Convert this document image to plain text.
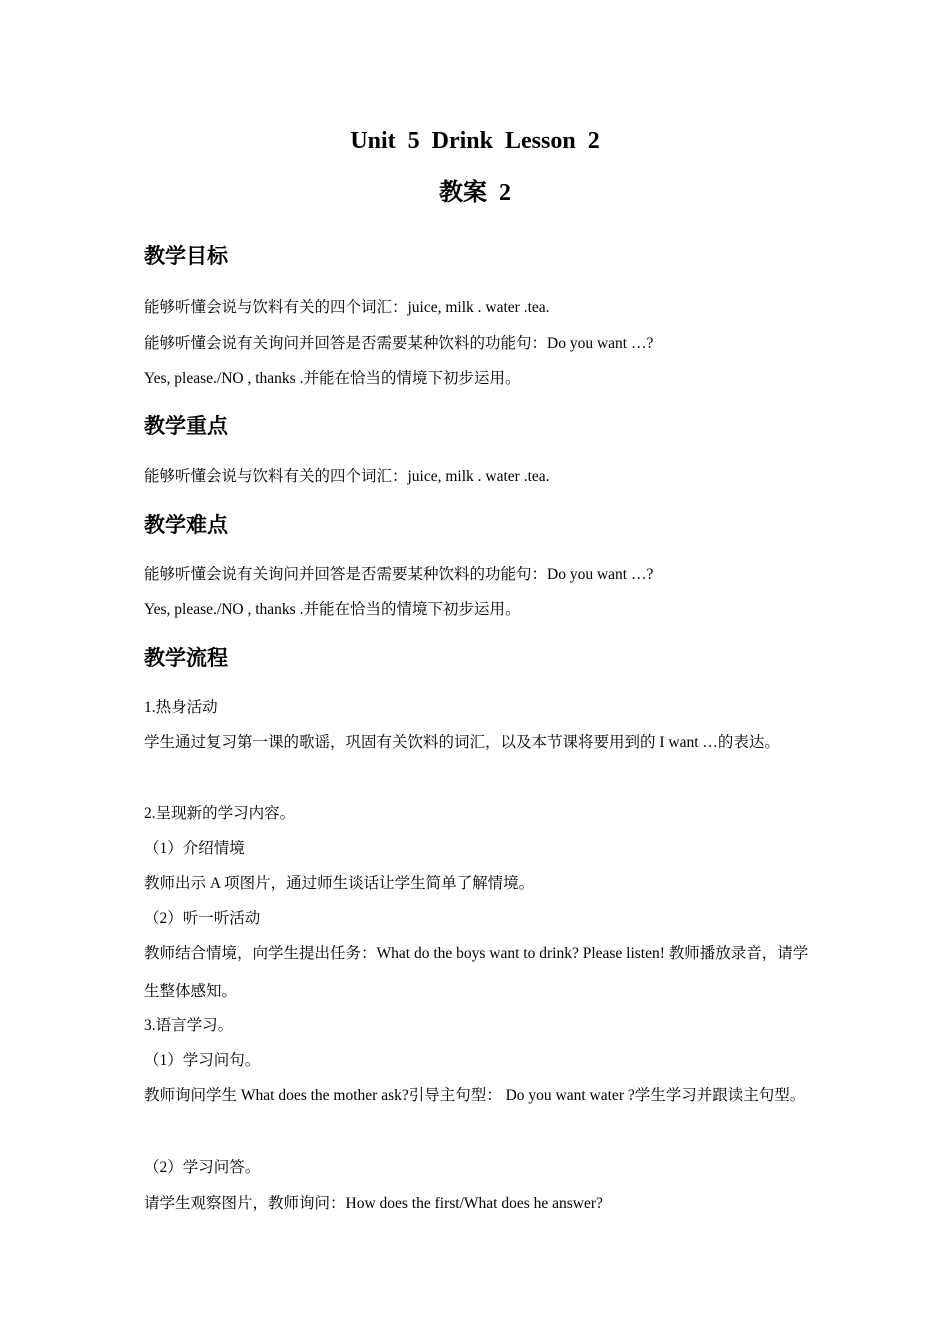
Unit  5  Drink  Lesson  2
教案  2
教学目标

能够听懂会说与饮料有关的四个词汇：juice, milk . water .tea.

能够听懂会说有关询问并回答是否需要某种饮料的功能句：Do you want …?

Yes, please./NO , thanks .并能在恰当的情境下初步运用。

教学重点

能够听懂会说与饮料有关的四个词汇：juice, milk . water .tea.

教学难点

能够听懂会说有关询问并回答是否需要某种饮料的功能句：Do you want …?

Yes, please./NO , thanks .并能在恰当的情境下初步运用。

教学流程

1.热身活动

学生通过复习第一课的歌谣，巩固有关饮料的词汇，以及本节课将要用到的 I want …的表达。

2.呈现新的学习内容。

（1）介绍情境

教师出示 A 项图片，通过师生谈话让学生简单了解情境。

（2）听一听活动

教师结合情境，向学生提出任务：What do the boys want to drink? Please listen! 教师播放录音，请学生整体感知。

3.语言学习。

（1）学习问句。

教师询问学生 What does the mother ask?引导主句型： Do you want water ?学生学习并跟读主句型。

（2）学习问答。

请学生观察图片，教师询问：How does the first/What does he answer?
